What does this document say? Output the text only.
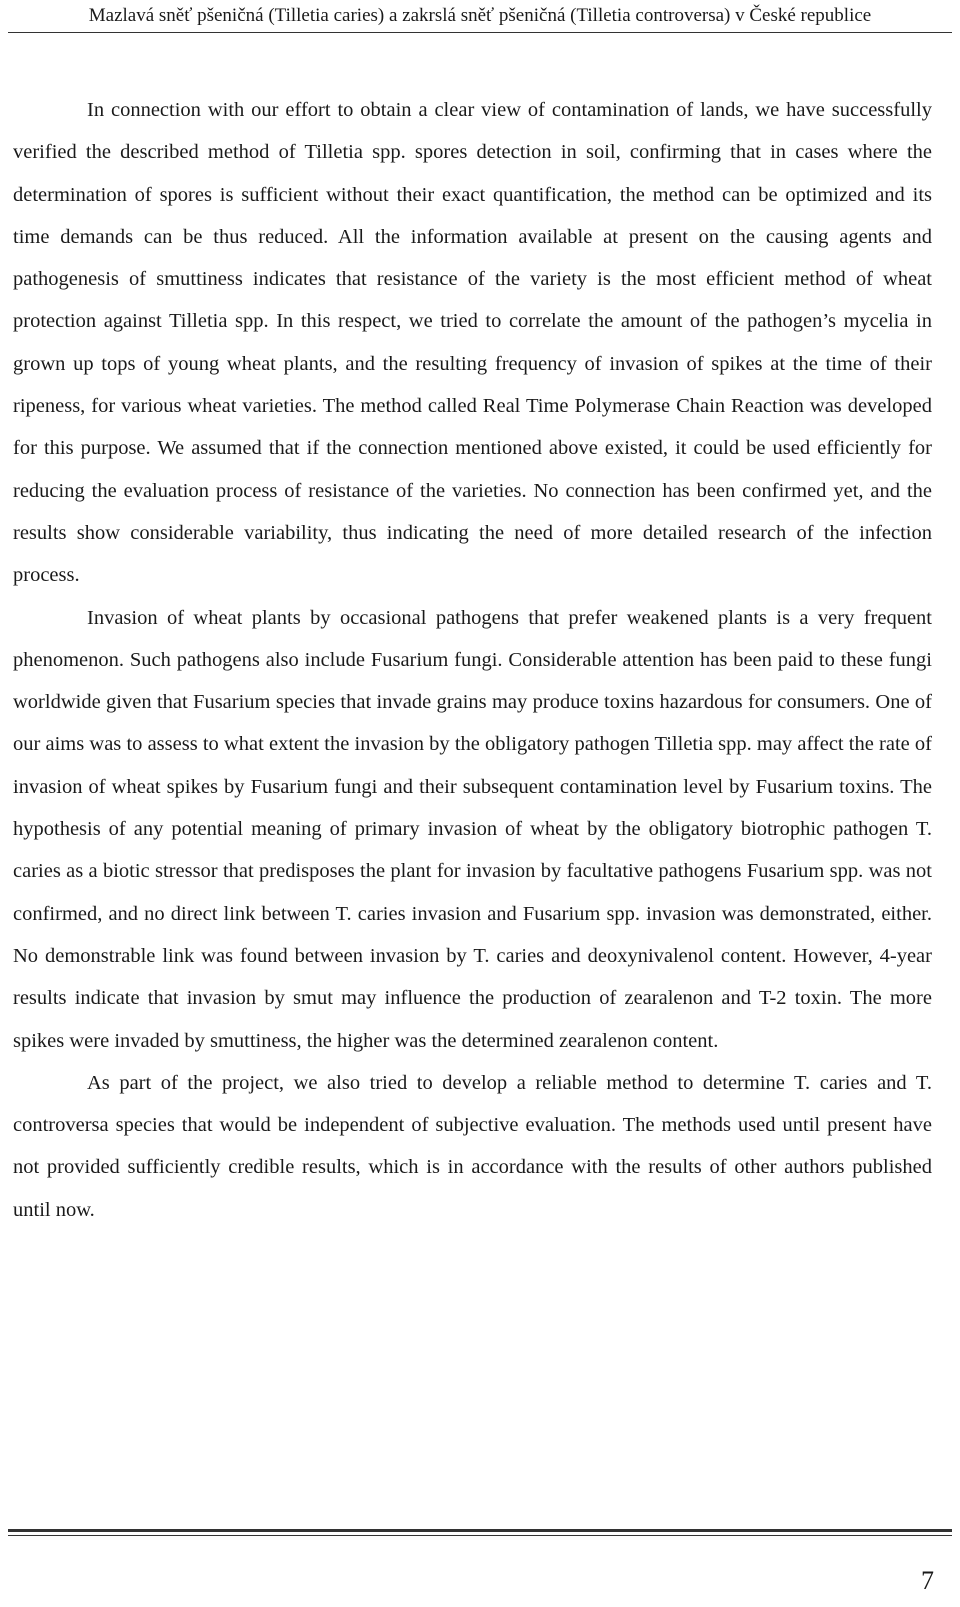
Mazlavá sněť pšeničná (Tilletia caries) a zakrslá sněť pšeničná (Tilletia controversa) v České republice

In connection with our effort to obtain a clear view of contamination of lands, we have successfully verified the described method of Tilletia spp. spores detection in soil, confirming that in cases where the determination of spores is sufficient without their exact quantification, the method can be optimized and its time demands can be thus reduced. All the information available at present on the causing agents and pathogenesis of smuttiness indicates that resistance of the variety is the most efficient method of wheat protection against Tilletia spp. In this respect, we tried to correlate the amount of the pathogen’s mycelia in grown up tops of young wheat plants, and the resulting frequency of invasion of spikes at the time of their ripeness, for various wheat varieties. The method called Real Time Polymerase Chain Reaction was developed for this purpose. We assumed that if the connection mentioned above existed, it could be used efficiently for reducing the evaluation process of resistance of the varieties. No connection has been confirmed yet, and the results show considerable variability, thus indicating the need of more detailed research of the infection process.

Invasion of wheat plants by occasional pathogens that prefer weakened plants is a very frequent phenomenon. Such pathogens also include Fusarium fungi. Considerable attention has been paid to these fungi worldwide given that Fusarium species that invade grains may produce toxins hazardous for consumers. One of our aims was to assess to what extent the invasion by the obligatory pathogen Tilletia spp. may affect the rate of invasion of wheat spikes by Fusarium fungi and their subsequent contamination level by Fusarium toxins. The hypothesis of any potential meaning of primary invasion of wheat by the obligatory biotrophic pathogen T. caries as a biotic stressor that predisposes the plant for invasion by facultative pathogens Fusarium spp. was not confirmed, and no direct link between T. caries invasion and Fusarium spp. invasion was demonstrated, either. No demonstrable link was found between invasion by T. caries and deoxynivalenol content. However, 4-year results indicate that invasion by smut may influence the production of zearalenon and T-2 toxin. The more spikes were invaded by smuttiness, the higher was the determined zearalenon content.

As part of the project, we also tried to develop a reliable method to determine T. caries and T. controversa species that would be independent of subjective evaluation. The methods used until present have not provided sufficiently credible results, which is in accordance with the results of other authors published until now.

7
